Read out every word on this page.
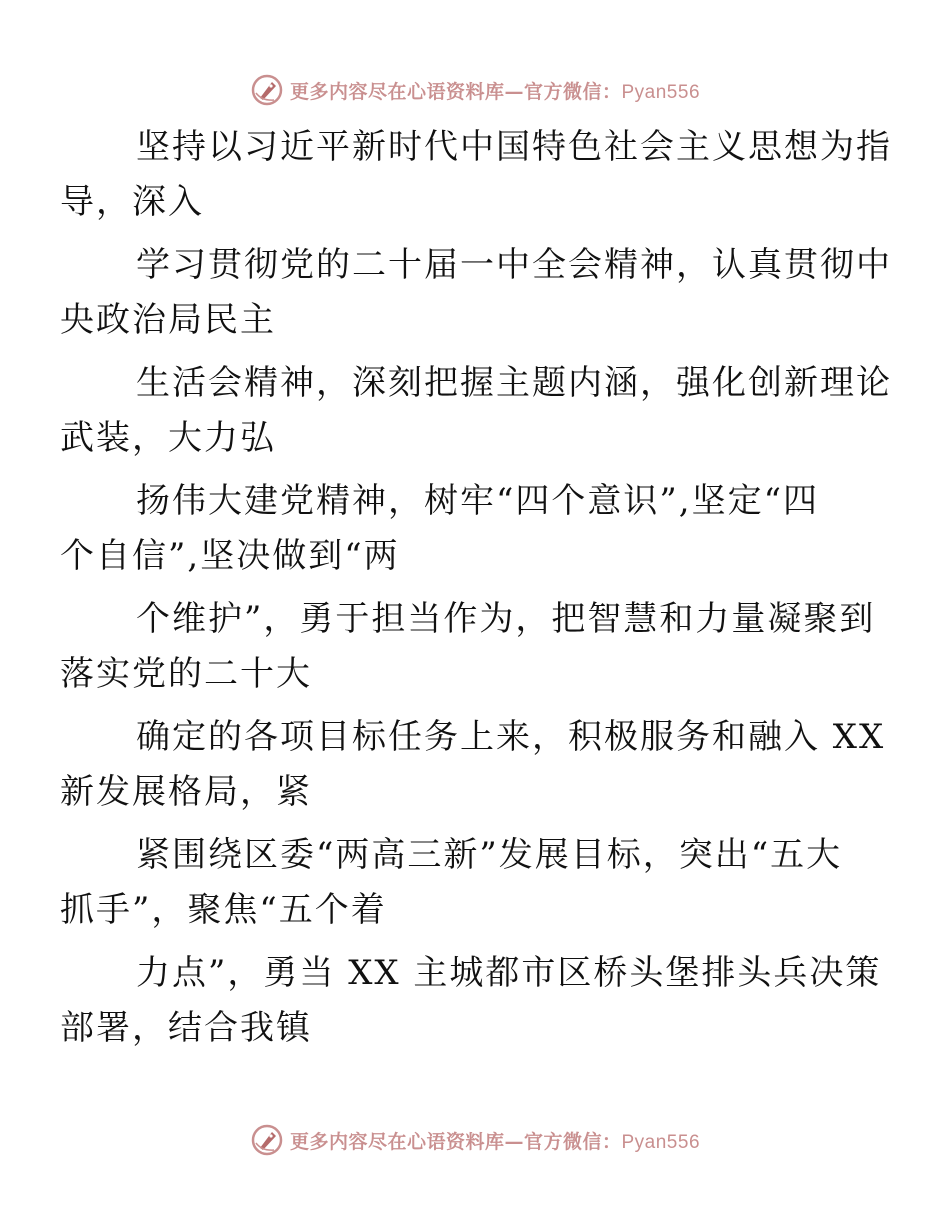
更多内容尽在心语资料库—官方微信：Pyan556

坚持以习近平新时代中国特色社会主义思想为指
导，深入

学习贯彻党的二十届一中全会精神，认真贯彻中
央政治局民主

生活会精神，深刻把握主题内涵，强化创新理论
武装，大力弘

扬伟大建党精神，树牢“四个意识”,坚定“四
个自信”,坚决做到“两

个维护”，勇于担当作为，把智慧和力量凝聚到
落实党的二十大

确定的各项目标任务上来，积极服务和融入 XX
新发展格局，紧

紧围绕区委“两高三新”发展目标，突出“五大
抓手”，聚焦“五个着

力点”，勇当 XX 主城都市区桥头堡排头兵决策
部署，结合我镇

更多内容尽在心语资料库—官方微信：Pyan556
